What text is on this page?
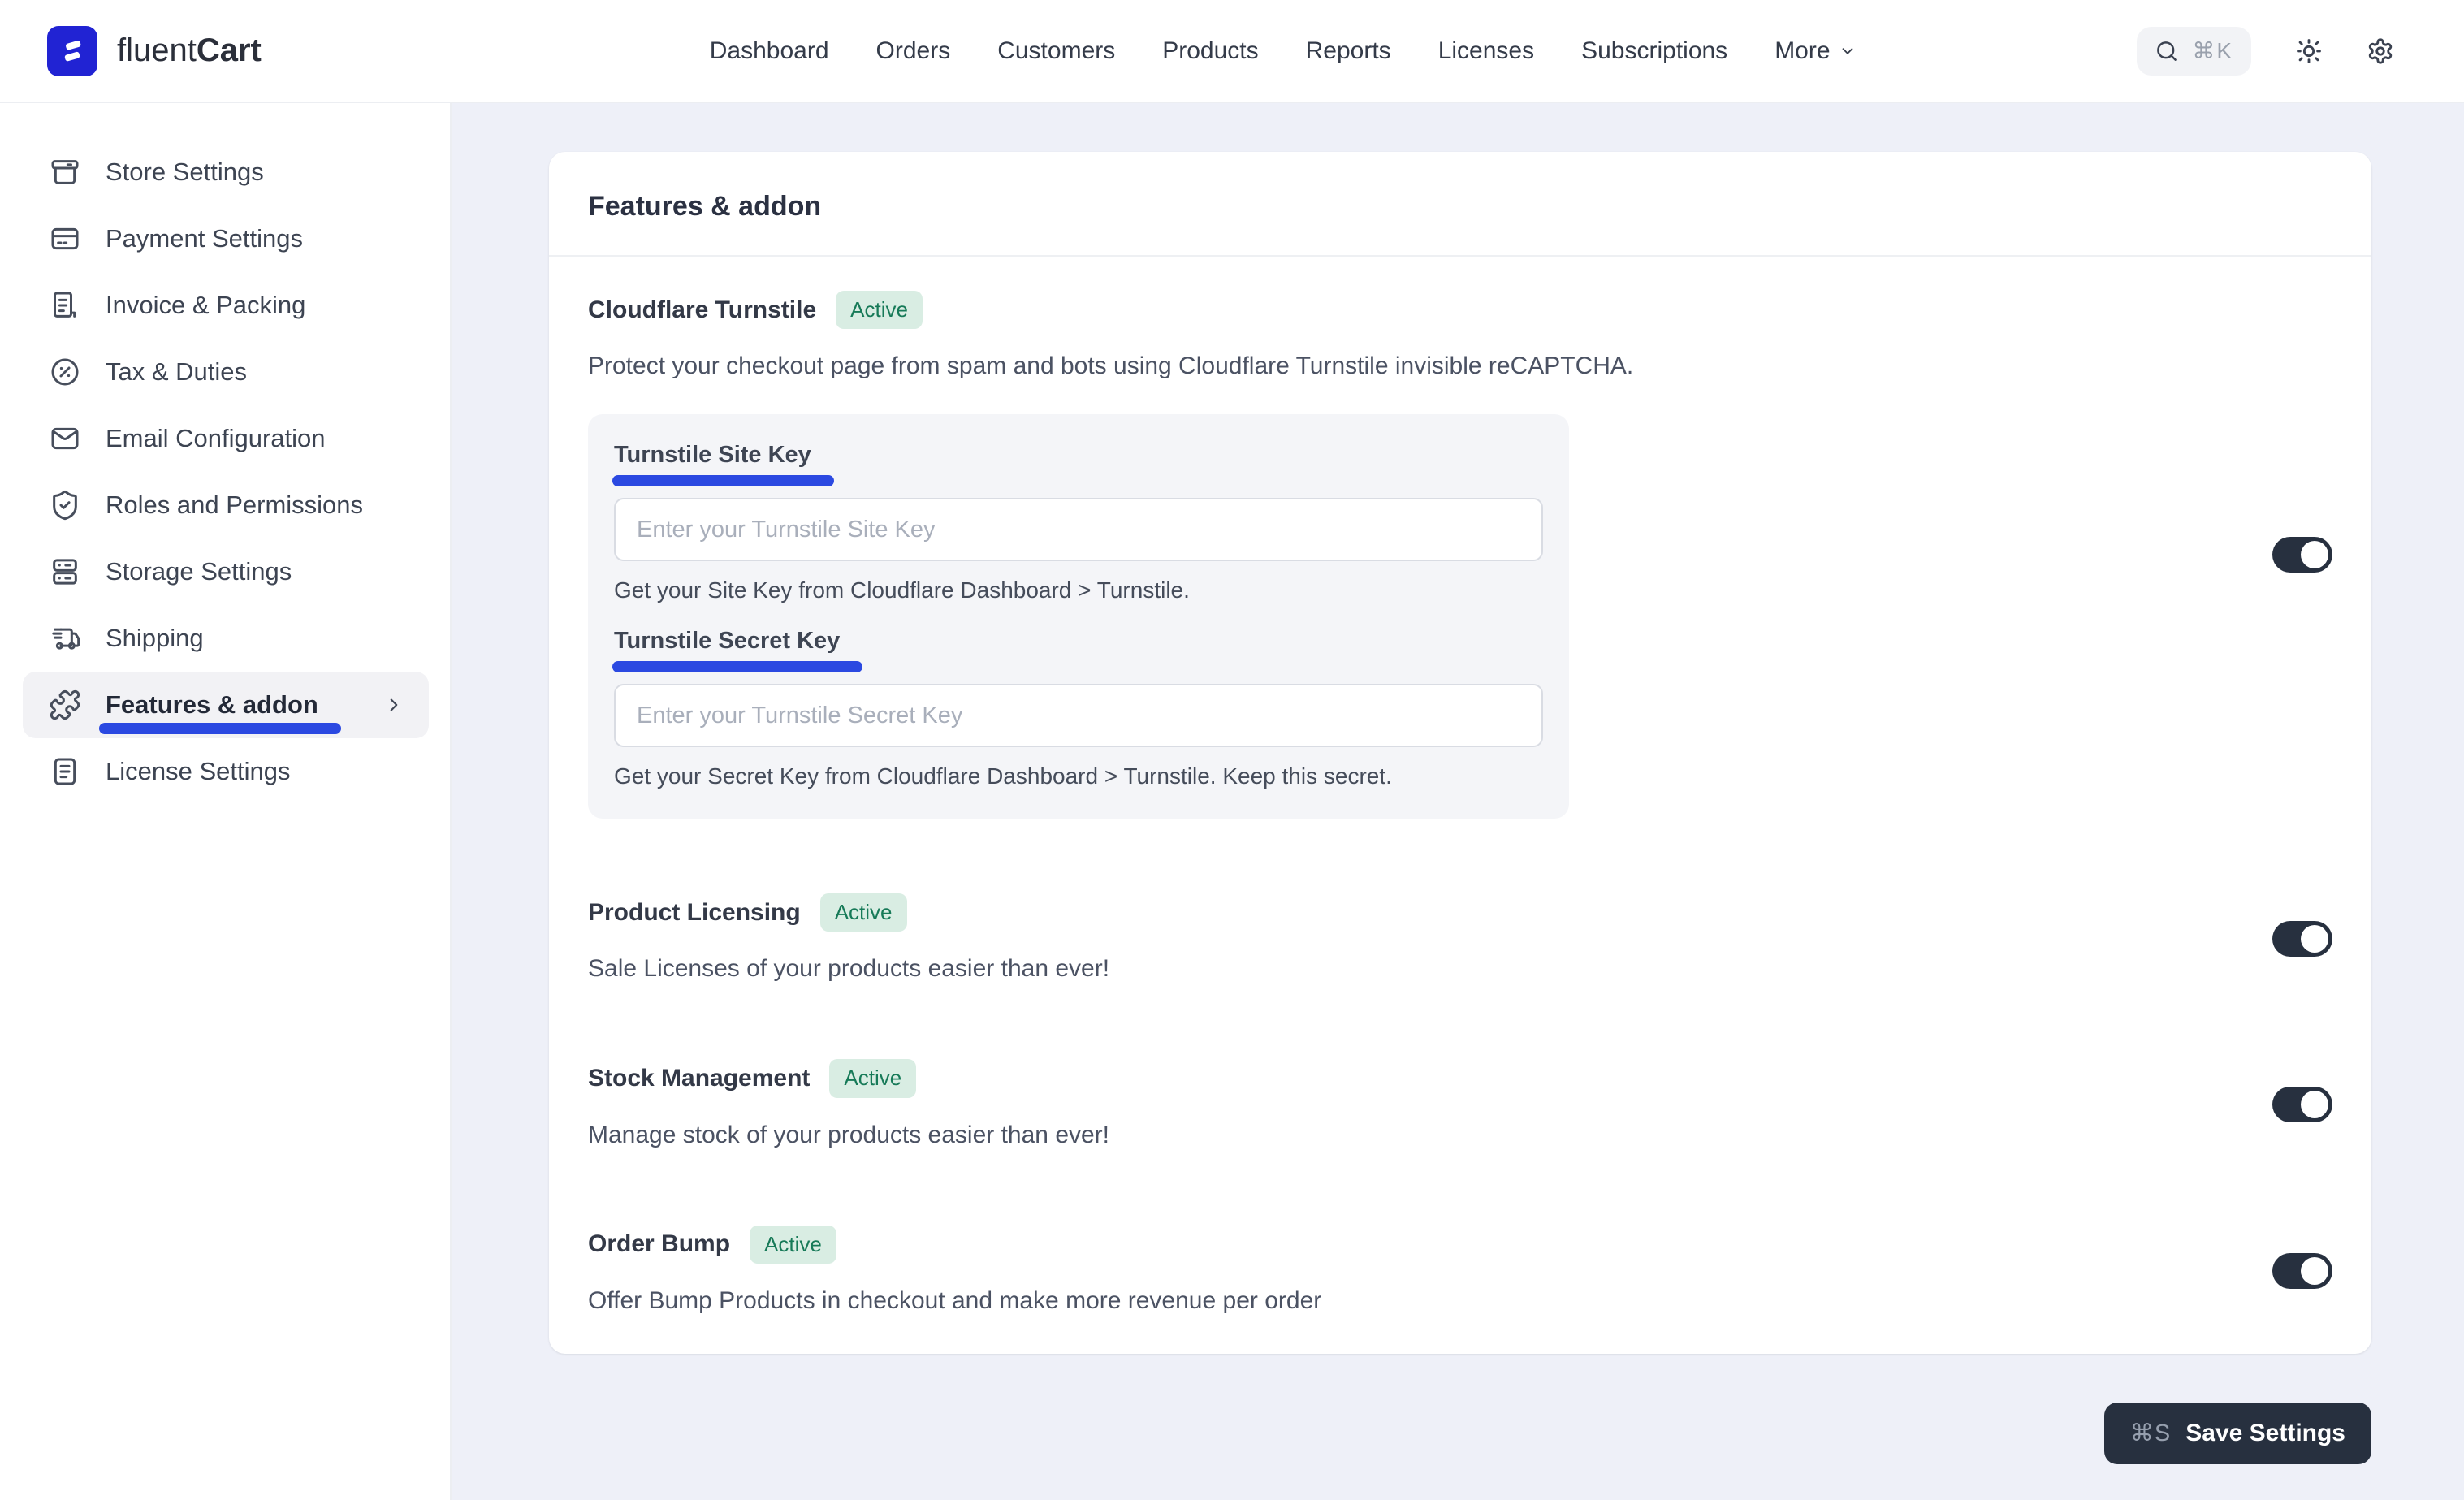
fluentCart	Dashboard Orders Customers Products Reports Licenses Subscriptions More	⌘K
Store Settings
Payment Settings
Invoice & Packing
Tax & Duties
Email Configuration
Roles and Permissions
Storage Settings
Shipping
Features & addon
License Settings
Features & addon
Cloudflare Turnstile	Active
Protect your checkout page from spam and bots using Cloudflare Turnstile invisible reCAPTCHA.
Turnstile Site Key
Enter your Turnstile Site Key
Get your Site Key from Cloudflare Dashboard > Turnstile.
Turnstile Secret Key
Enter your Turnstile Secret Key
Get your Secret Key from Cloudflare Dashboard > Turnstile. Keep this secret.
Product Licensing	Active
Sale Licenses of your products easier than ever!
Stock Management	Active
Manage stock of your products easier than ever!
Order Bump	Active
Offer Bump Products in checkout and make more revenue per order
⌘S Save Settings
